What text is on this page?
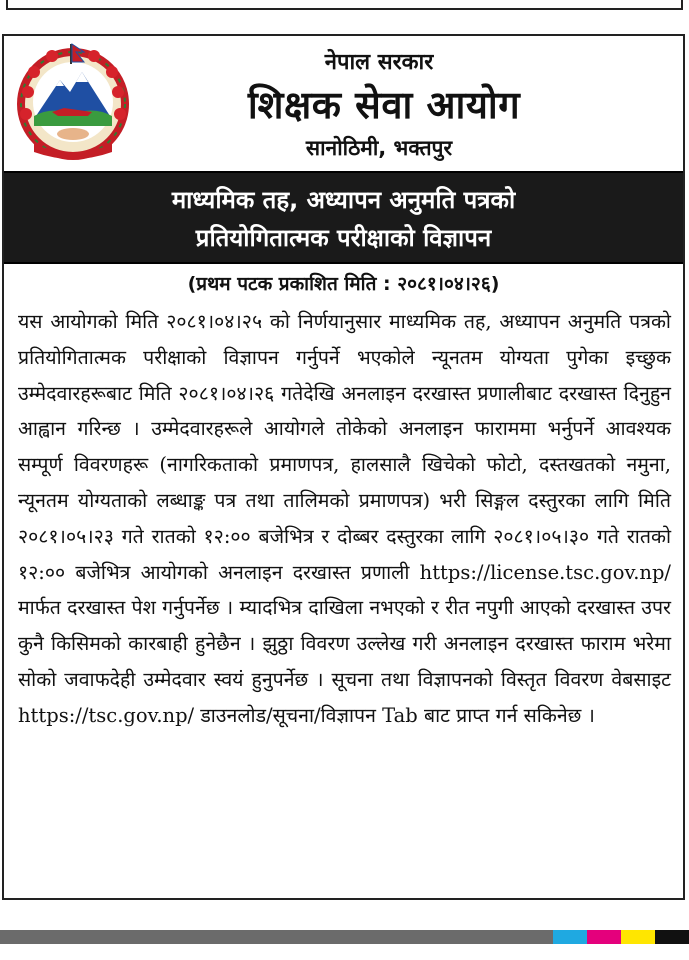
नेपाल सरकार
शिक्षक सेवा आयोग
सानोठिमी, भक्तपुर
माध्यमिक तह, अध्यापन अनुमति पत्रको
प्रतियोगितात्मक परीक्षाको विज्ञापन
(प्रथम पटक प्रकाशित मिति : २०८१।०४।२६)
यस आयोगको मिति २०८१।०४।२५ को निर्णयानुसार माध्यमिक तह, अध्यापन अनुमति पत्रको प्रतियोगितात्मक परीक्षाको विज्ञापन गर्नुपर्ने भएकोले न्यूनतम योग्यता पुगेका इच्छुक उम्मेदवारहरूबाट मिति २०८१।०४।२६ गतेदेखि अनलाइन दरखास्त प्रणालीबाट दरखास्त दिनुहुन आह्वान गरिन्छ । उम्मेदवारहरूले आयोगले तोकेको अनलाइन फाराममा भर्नुपर्ने आवश्यक सम्पूर्ण विवरणहरू (नागरिकताको प्रमाणपत्र, हालसालै खिचेको फोटो, दस्तखतको नमुना, न्यूनतम योग्यताको लब्धाङ्क पत्र तथा तालिमको प्रमाणपत्र) भरी सिङ्गल दस्तुरका लागि मिति २०८१।०५।२३ गते रातको १२:०० बजेभित्र र दोब्बर दस्तुरका लागि २०८१।०५।३० गते रातको १२:०० बजेभित्र आयोगको अनलाइन दरखास्त प्रणाली https://license.tsc.gov.np/ मार्फत दरखास्त पेश गर्नुपर्नेछ । म्यादभित्र दाखिला नभएको र रीत नपुगी आएको दरखास्त उपर कुनै किसिमको कारबाही हुनेछैन । झुठ्ठा विवरण उल्लेख गरी अनलाइन दरखास्त फाराम भरेमा सोको जवाफदेही उम्मेदवार स्वयं हुनुपर्नेछ । सूचना तथा विज्ञापनको विस्तृत विवरण वेबसाइट https://tsc.gov.np/ डाउनलोड/सूचना/विज्ञापन Tab बाट प्राप्त गर्न सकिनेछ ।
